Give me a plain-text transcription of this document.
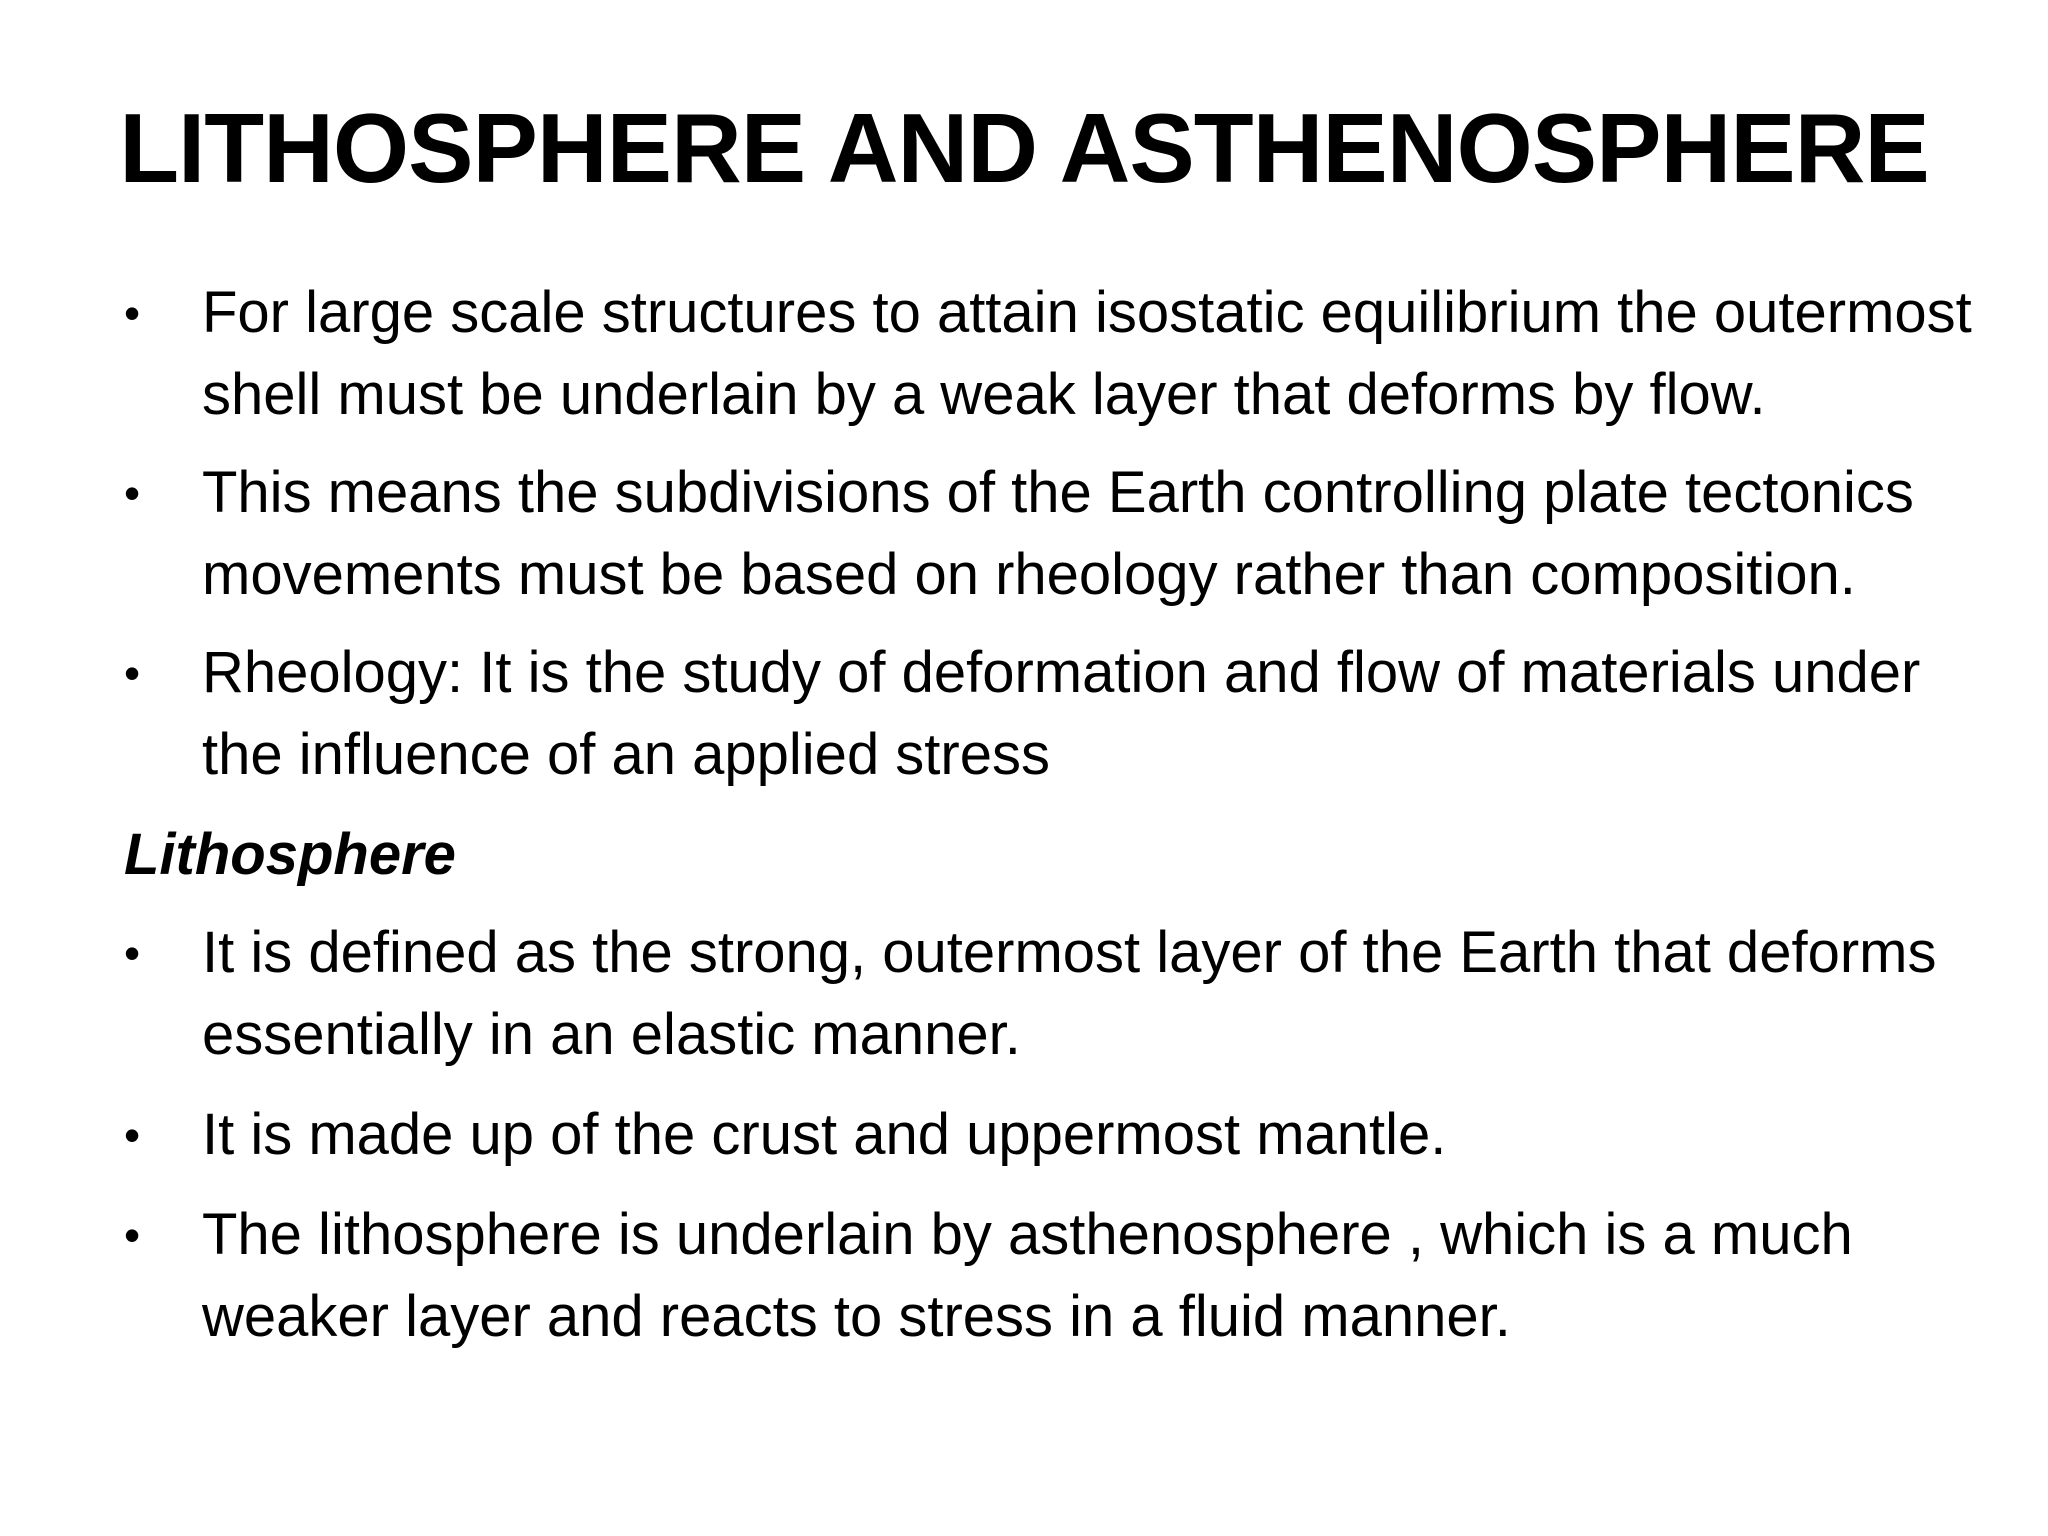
LITHOSPHERE AND ASTHENOSPHERE
•	For large scale structures to attain isostatic equilibrium the outermost shell must be underlain by a weak layer that deforms by flow.
•	This means the subdivisions of the Earth controlling plate tectonics movements must be based on rheology rather than composition.
•	Rheology: It is the study of deformation and flow of materials under the influence of an applied stress
Lithosphere
•	It is defined as the strong, outermost layer of the Earth that deforms essentially in an elastic manner.
•	It is made up of the crust and uppermost mantle.
•	The lithosphere is underlain by asthenosphere , which is a much weaker layer and reacts to stress in a fluid manner.
